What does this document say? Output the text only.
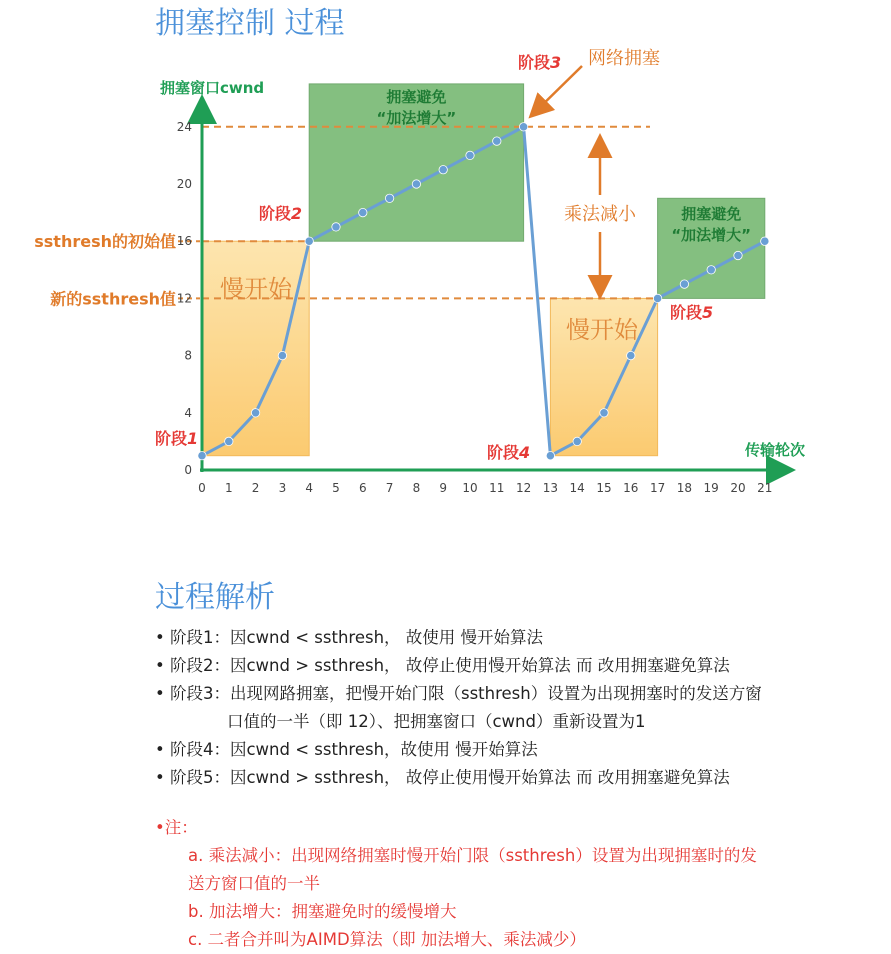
拥塞控制 过程
慢开始
拥塞避免
“加法增大”
慢开始
拥塞避免
“加法增大”
ssthresh的初始值
新的ssthresh值
拥塞窗口cwnd
传输轮次
0 1 2 3 4 5 6 7 8 9 10 11 12 13 14 15 16 17 18 19 20 21
0
4
8
12
16
20
24
阶段1
阶段2
阶段3
阶段4
阶段5
网络拥塞
乘法减小
过程解析
• 阶段1：因cwnd < ssthresh， 故使用 慢开始算法
• 阶段2：因cwnd > ssthresh， 故停止使用慢开始算法 而 改用拥塞避免算法
• 阶段3：出现网路拥塞，把慢开始门限（ssthresh）设置为出现拥塞时的发送方窗
口值的一半（即 12）、把拥塞窗口（cwnd）重新设置为1
• 阶段4：因cwnd < ssthresh，故使用 慢开始算法
• 阶段5：因cwnd > ssthresh， 故停止使用慢开始算法 而 改用拥塞避免算法
•注：
a. 乘法减小：出现网络拥塞时慢开始门限（ssthresh）设置为出现拥塞时的发
送方窗口值的一半
b. 加法增大：拥塞避免时的缓慢增大
c. 二者合并叫为AIMD算法（即 加法增大、乘法减少）
